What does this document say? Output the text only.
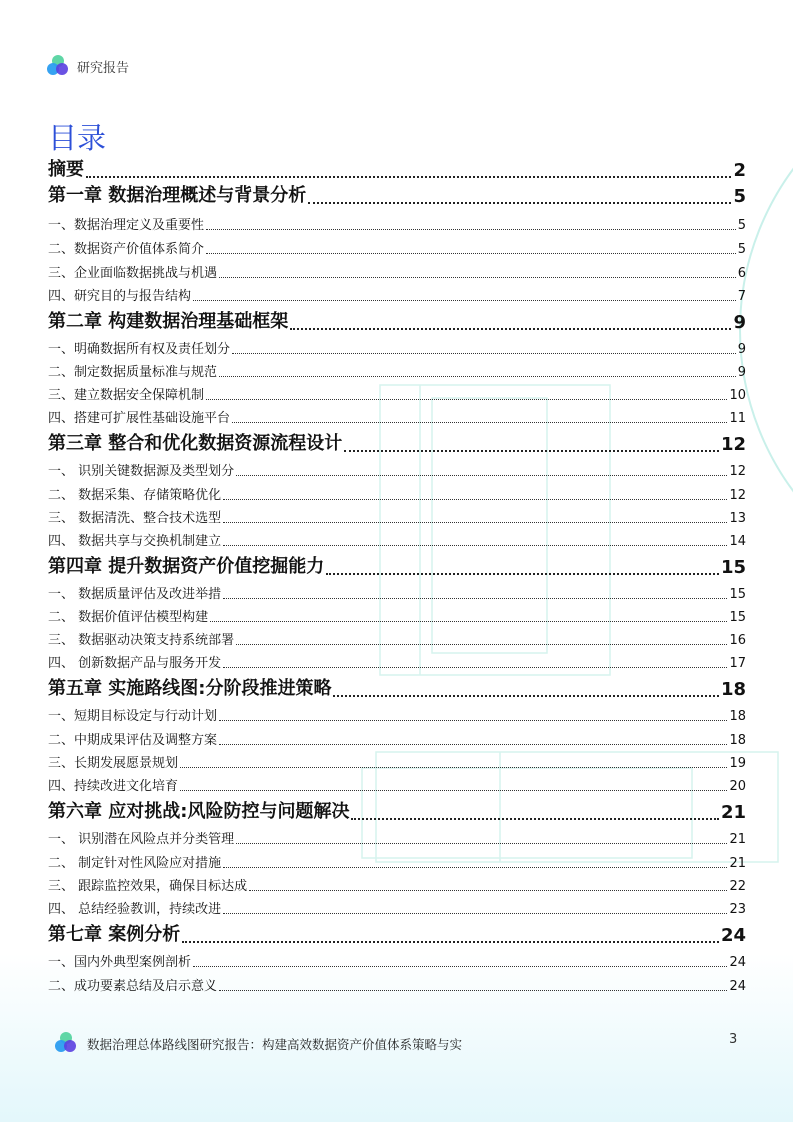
研究报告
目录
摘要	2
第一章 数据治理概述与背景分析	5
一、数据治理定义及重要性	5
二、数据资产价值体系简介	5
三、企业面临数据挑战与机遇	6
四、研究目的与报告结构	7
第二章 构建数据治理基础框架	9
一、明确数据所有权及责任划分	9
二、制定数据质量标准与规范	9
三、建立数据安全保障机制	10
四、搭建可扩展性基础设施平台	11
第三章 整合和优化数据资源流程设计	12
一、 识别关键数据源及类型划分	12
二、 数据采集、存储策略优化	12
三、 数据清洗、整合技术选型	13
四、 数据共享与交换机制建立	14
第四章 提升数据资产价值挖掘能力	15
一、 数据质量评估及改进举措	15
二、 数据价值评估模型构建	15
三、 数据驱动决策支持系统部署	16
四、 创新数据产品与服务开发	17
第五章 实施路线图:分阶段推进策略	18
一、短期目标设定与行动计划	18
二、中期成果评估及调整方案	18
三、长期发展愿景规划	19
四、持续改进文化培育	20
第六章 应对挑战:风险防控与问题解决	21
一、 识别潜在风险点并分类管理	21
二、 制定针对性风险应对措施	21
三、 跟踪监控效果，确保目标达成	22
四、 总结经验教训，持续改进	23
第七章 案例分析	24
一、国内外典型案例剖析	24
二、成功要素总结及启示意义	24
数据治理总体路线图研究报告：构建高效数据资产价值体系策略与实	3
